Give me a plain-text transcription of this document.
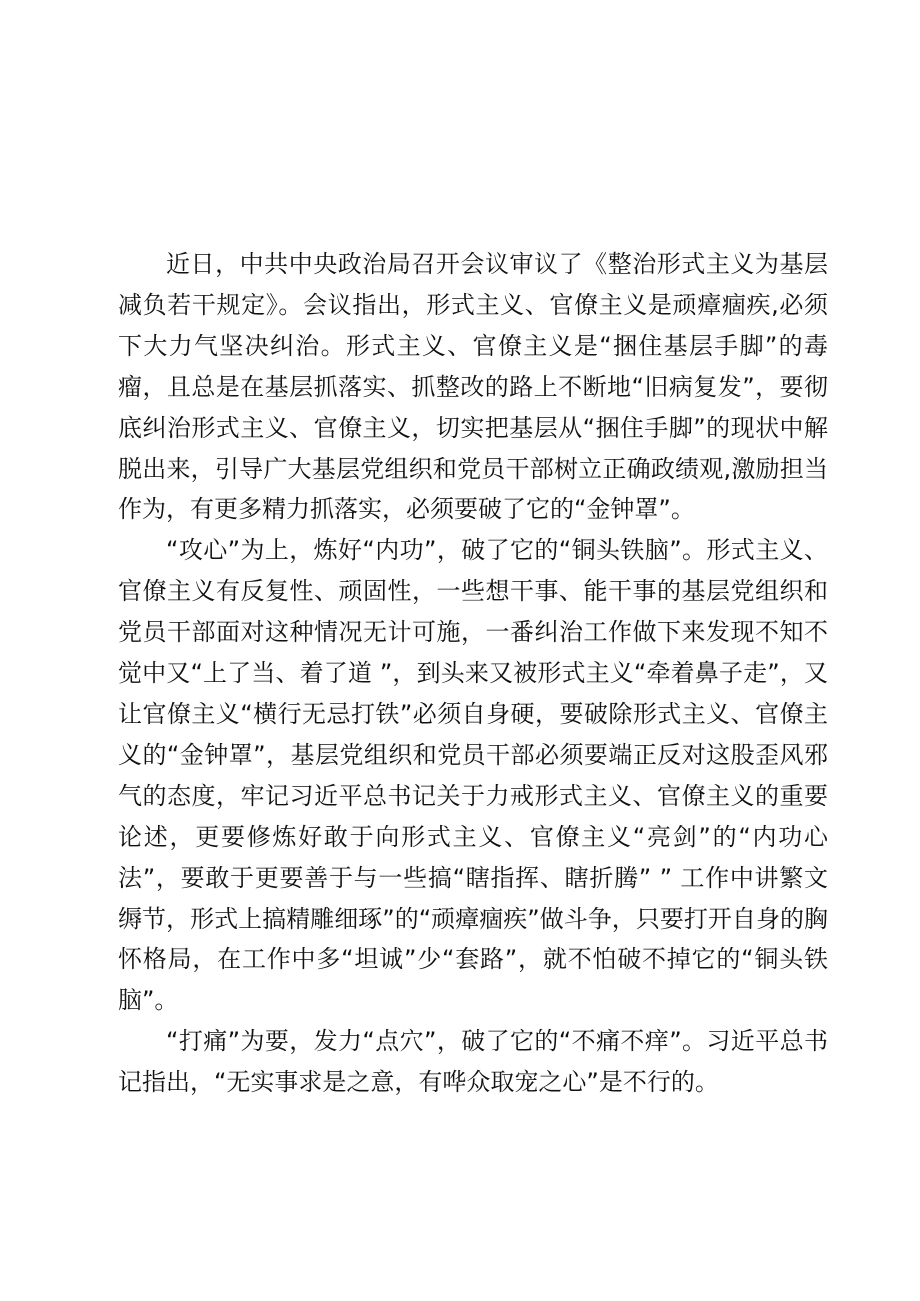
近日，中共中央政治局召开会议审议了《整治形式主义为基层减负若干规定》。会议指出，形式主义、官僚主义是顽瘴痼疾,必须下大力气坚决纠治。形式主义、官僚主义是“捆住基层手脚”的毒瘤，且总是在基层抓落实、抓整改的路上不断地“旧病复发”，要彻底纠治形式主义、官僚主义，切实把基层从“捆住手脚”的现状中解脱出来，引导广大基层党组织和党员干部树立正确政绩观,激励担当作为，有更多精力抓落实，必须要破了它的“金钟罩”。

“攻心”为上，炼好“内功”，破了它的“铜头铁脑”。形式主义、官僚主义有反复性、顽固性，一些想干事、能干事的基层党组织和党员干部面对这种情况无计可施，一番纠治工作做下来发现不知不觉中又“上了当、着了道 ”，到头来又被形式主义“牵着鼻子走”，又让官僚主义“横行无忌打铁”必须自身硬，要破除形式主义、官僚主义的“金钟罩”，基层党组织和党员干部必须要端正反对这股歪风邪气的态度，牢记习近平总书记关于力戒形式主义、官僚主义的重要论述，更要修炼好敢于向形式主义、官僚主义“亮剑”的“内功心法”，要敢于更要善于与一些搞“瞎指挥、瞎折腾” ” 工作中讲繁文缛节，形式上搞精雕细琢”的“顽瘴痼疾”做斗争，只要打开自身的胸怀格局，在工作中多“坦诚”少“套路”，就不怕破不掉它的“铜头铁脑”。

“打痛”为要，发力“点穴”，破了它的“不痛不痒”。习近平总书记指出，“无实事求是之意，有哗众取宠之心”是不行的。
